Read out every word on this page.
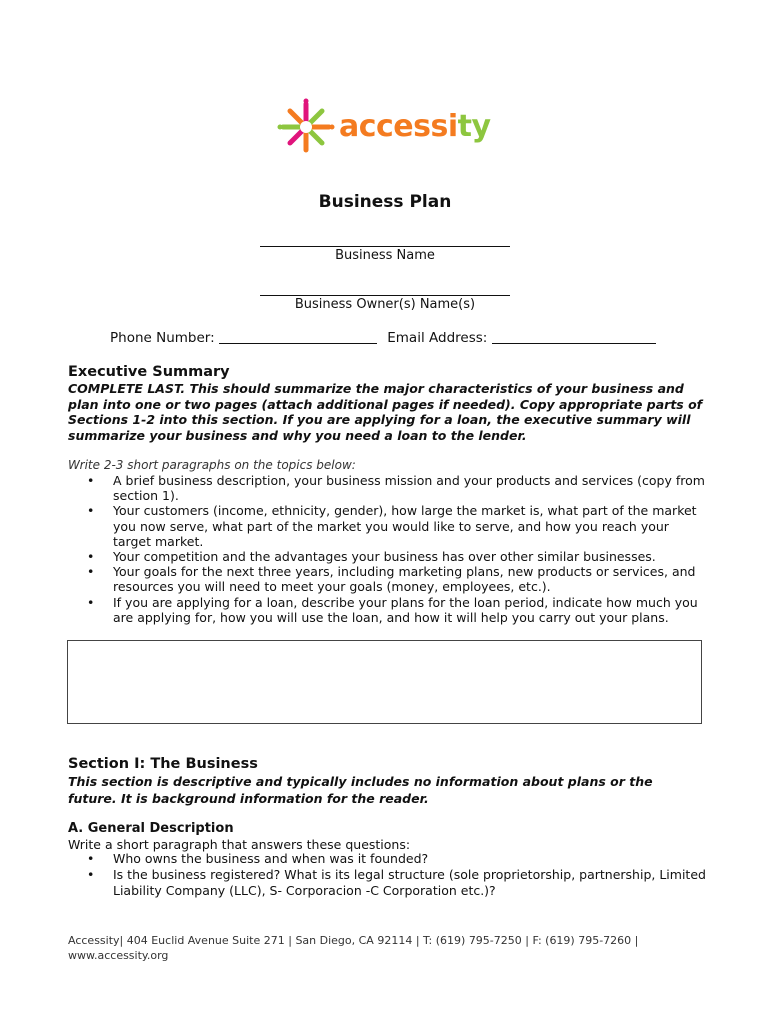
accessity
Business Plan
Business Name
Business Owner(s) Name(s)
Phone Number:	Email Address:
Executive Summary
COMPLETE LAST. This should summarize the major characteristics of your business and plan into one or two pages (attach additional pages if needed). Copy appropriate parts of Sections 1-2 into this section. If you are applying for a loan, the executive summary will summarize your business and why you need a loan to the lender.
Write 2-3 short paragraphs on the topics below:
• A brief business description, your business mission and your products and services (copy from section 1).
• Your customers (income, ethnicity, gender), how large the market is, what part of the market you now serve, what part of the market you would like to serve, and how you reach your target market.
• Your competition and the advantages your business has over other similar businesses.
• Your goals for the next three years, including marketing plans, new products or services, and resources you will need to meet your goals (money, employees, etc.).
• If you are applying for a loan, describe your plans for the loan period, indicate how much you are applying for, how you will use the loan, and how it will help you carry out your plans.
Section I: The Business
This section is descriptive and typically includes no information about plans or the future. It is background information for the reader.
A. General Description
Write a short paragraph that answers these questions:
• Who owns the business and when was it founded?
• Is the business registered? What is its legal structure (sole proprietorship, partnership, Limited Liability Company (LLC), S- Corporacion -C Corporation etc.)?
Accessity| 404 Euclid Avenue Suite 271 | San Diego, CA 92114 | T: (619) 795-7250 | F: (619) 795-7260 |
www.accessity.org
